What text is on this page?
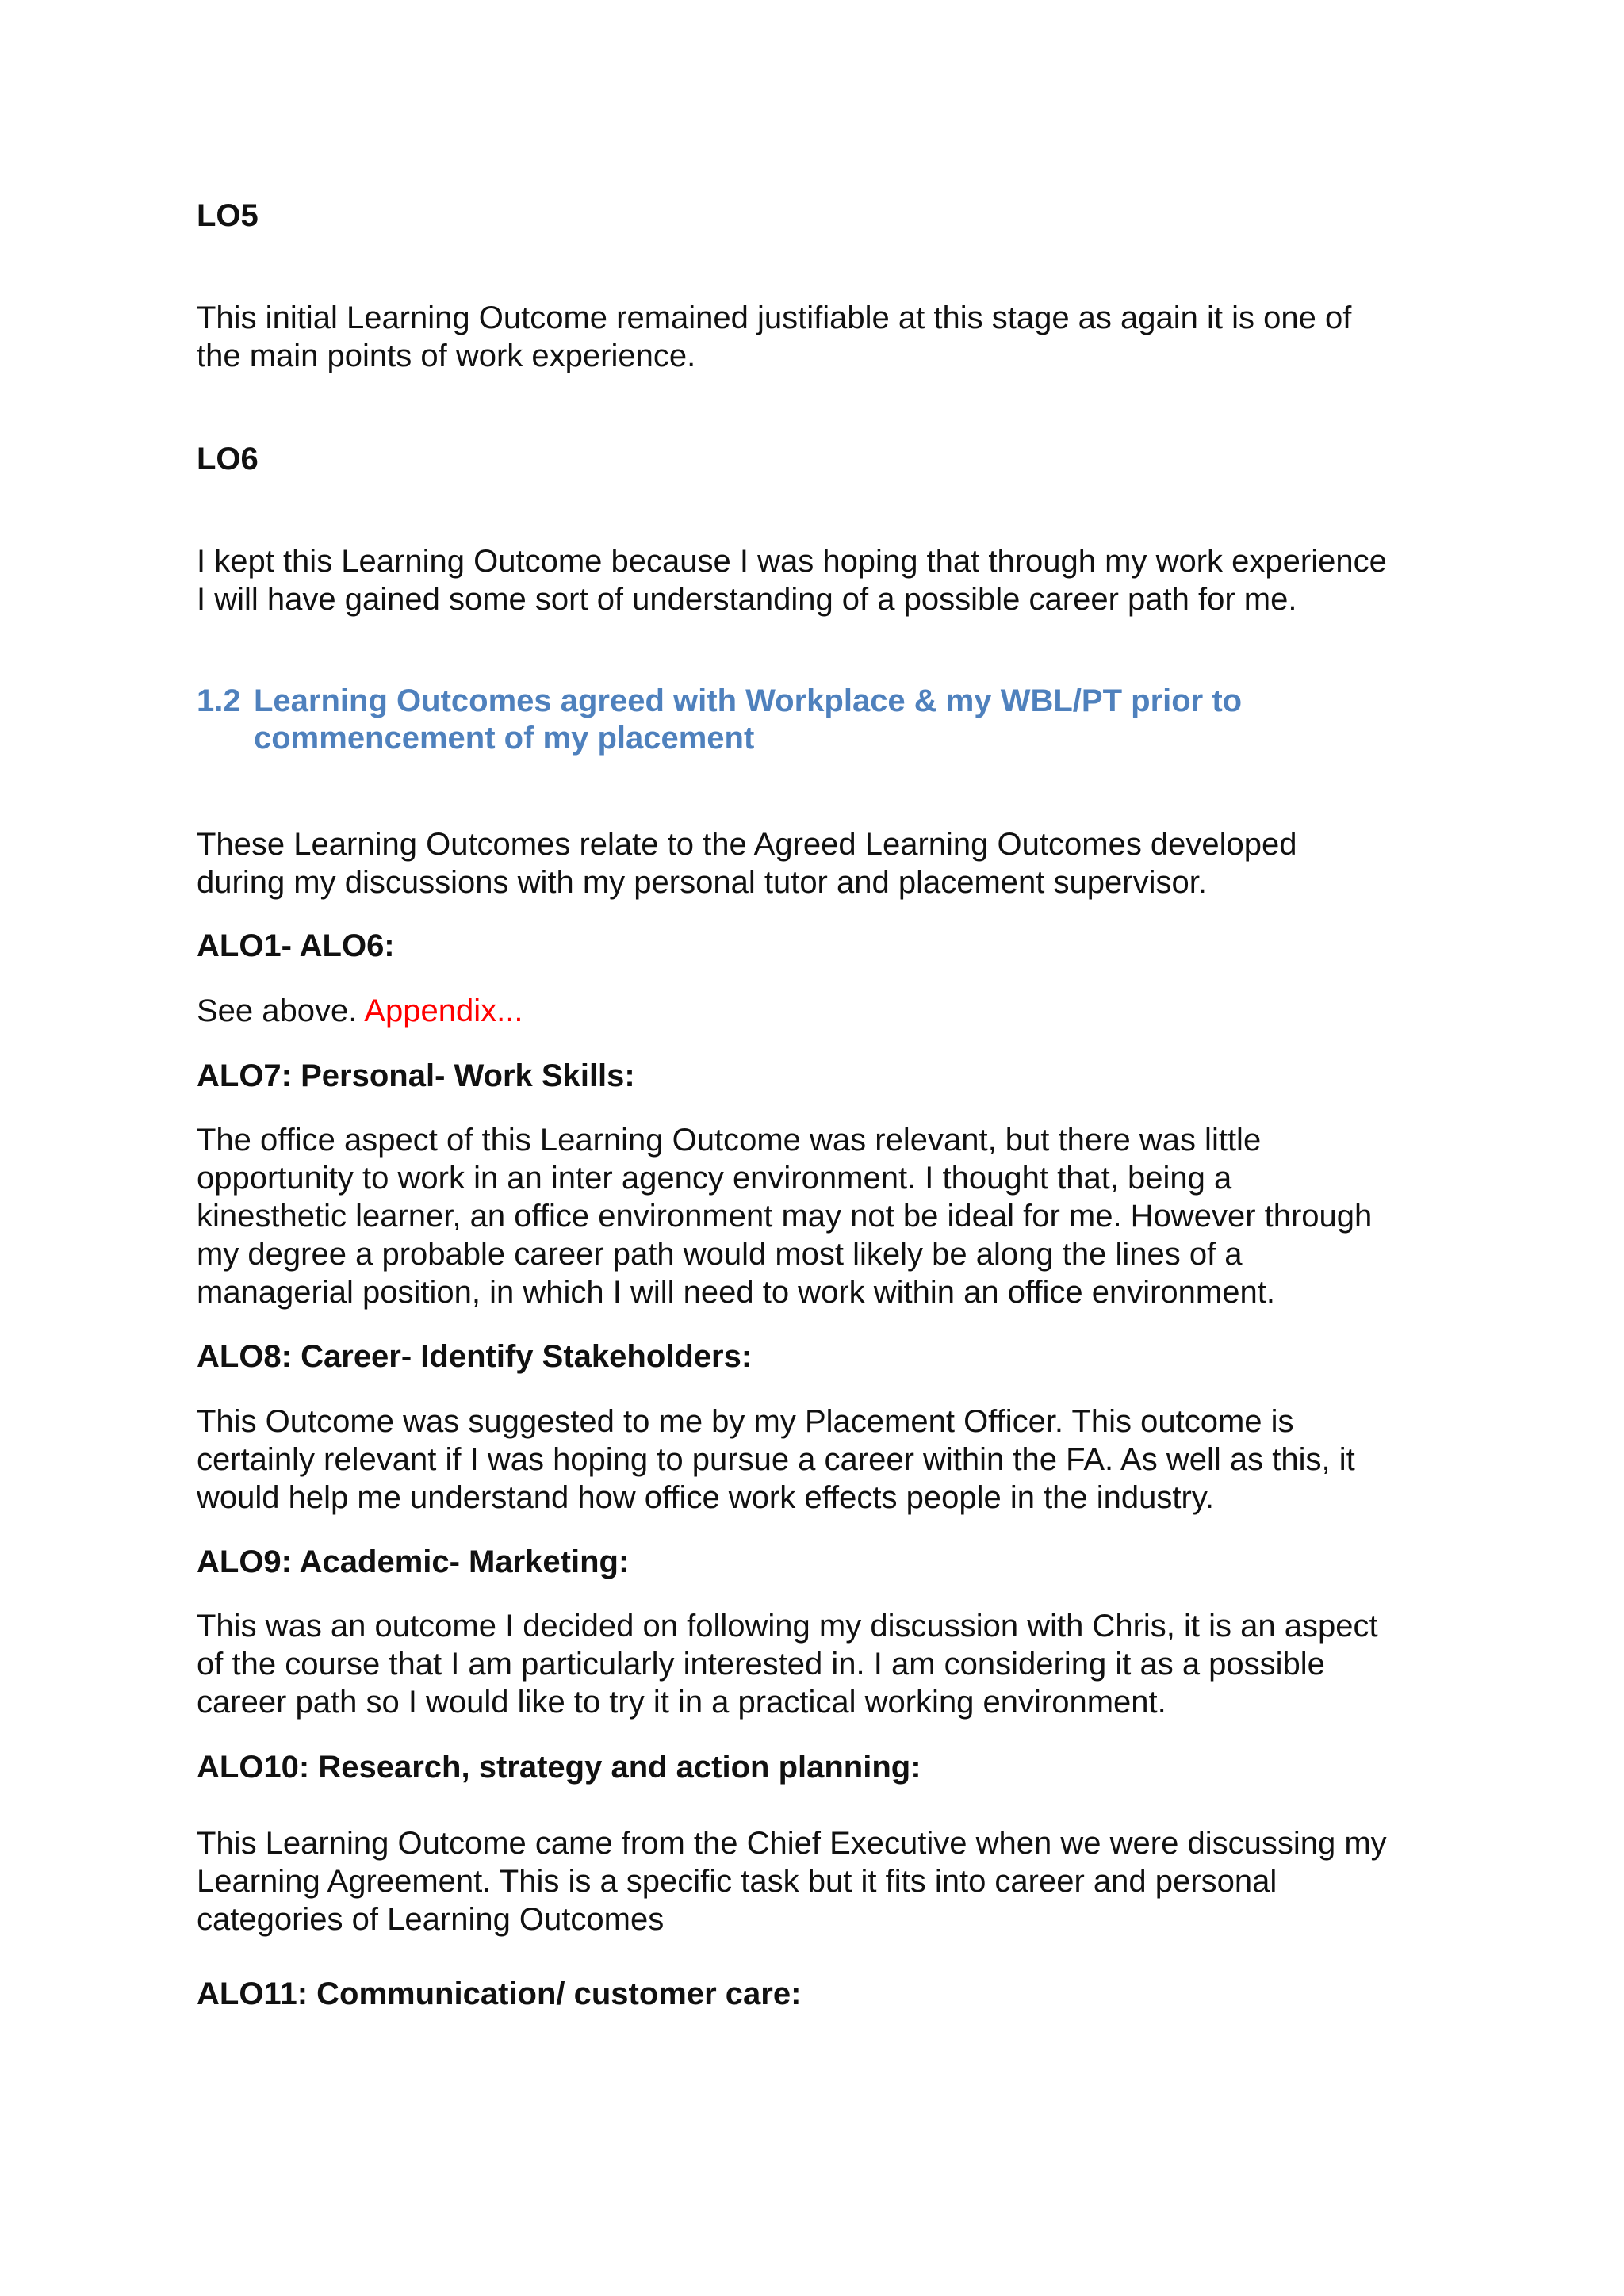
LO5
This initial Learning Outcome remained justifiable at this stage as again it is one of
the main points of work experience.
LO6
I kept this Learning Outcome because I was hoping that through my work experience
I will have gained some sort of understanding of a possible career path for me.
1.2 Learning Outcomes agreed with Workplace & my WBL/PT prior to
commencement of my placement
These Learning Outcomes relate to the Agreed Learning Outcomes developed
during my discussions with my personal tutor and placement supervisor.
ALO1- ALO6:
See above. Appendix...
ALO7: Personal- Work Skills:
The office aspect of this Learning Outcome was relevant, but there was little
opportunity to work in an inter agency environment. I thought that, being a
kinesthetic learner, an office environment may not be ideal for me. However through
my degree a probable career path would most likely be along the lines of a
managerial position, in which I will need to work within an office environment.
ALO8: Career- Identify Stakeholders:
This Outcome was suggested to me by my Placement Officer. This outcome is
certainly relevant if I was hoping to pursue a career within the FA. As well as this, it
would help me understand how office work effects people in the industry.
ALO9: Academic- Marketing:
This was an outcome I decided on following my discussion with Chris, it is an aspect
of the course that I am particularly interested in. I am considering it as a possible
career path so I would like to try it in a practical working environment.
ALO10: Research, strategy and action planning:
This Learning Outcome came from the Chief Executive when we were discussing my
Learning Agreement. This is a specific task but it fits into career and personal
categories of Learning Outcomes
ALO11: Communication/ customer care:
